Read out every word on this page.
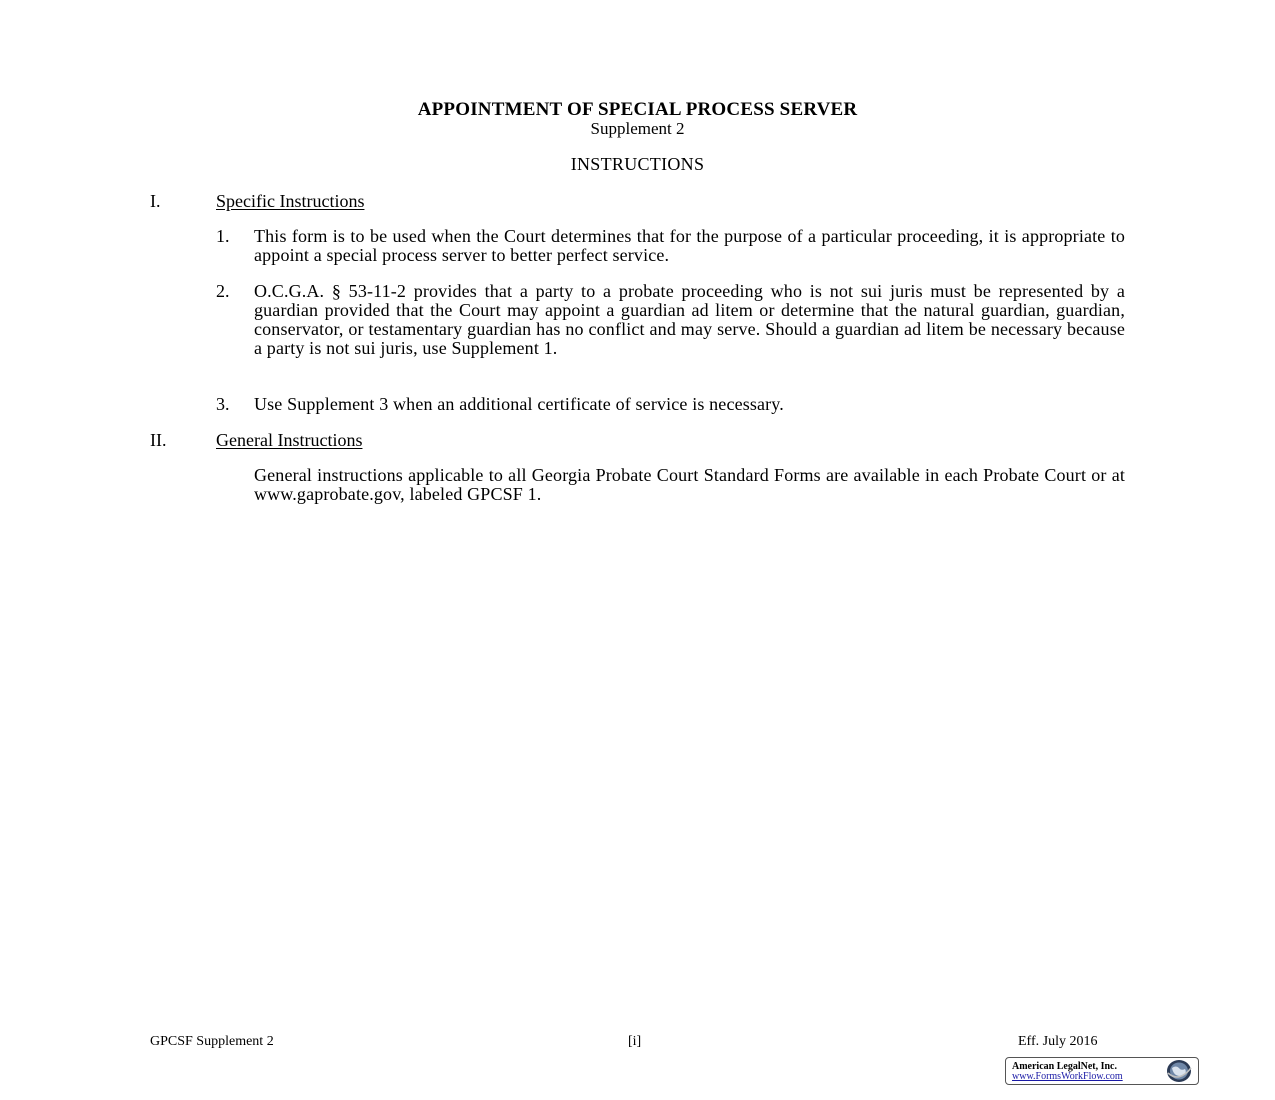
APPOINTMENT OF SPECIAL PROCESS SERVER
Supplement 2
INSTRUCTIONS
I.	Specific Instructions
1.	This form is to be used when the Court determines that for the purpose of a particular proceeding, it is appropriate to appoint a special process server to better perfect service.
2.	O.C.G.A. § 53-11-2 provides that a party to a probate proceeding who is not sui juris must be represented by a guardian provided that the Court may appoint a guardian ad litem or determine that the natural guardian, guardian, conservator, or testamentary guardian has no conflict and may serve. Should a guardian ad litem be necessary because a party is not sui juris, use Supplement 1.
3.	Use Supplement 3 when an additional certificate of service is necessary.
II.	General Instructions
General instructions applicable to all Georgia Probate Court Standard Forms are available in each Probate Court or at www.gaprobate.gov, labeled GPCSF 1.
GPCSF Supplement 2	[i]	Eff. July 2016
American LegalNet, Inc.
www.FormsWorkFlow.com
